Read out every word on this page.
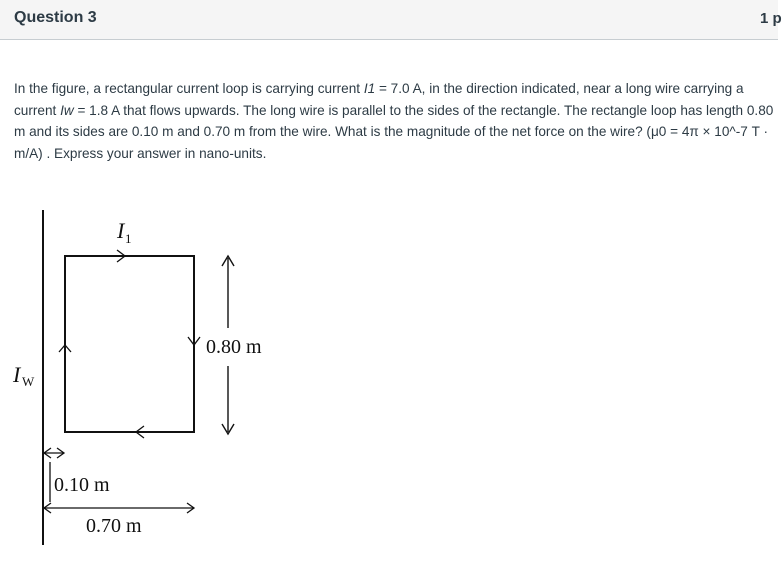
Question 3	1 p
In the figure, a rectangular current loop is carrying current I1 = 7.0 A, in the direction indicated, near a long wire carrying a current Iw = 1.8 A that flows upwards. The long wire is parallel to the sides of the rectangle. The rectangle loop has length 0.80 m and its sides are 0.10 m and 0.70 m from the wire. What is the magnitude of the net force on the wire? (μ0 = 4π × 10^-7 T · m/A) . Express your answer in nano-units.
I 1
I W
0.80 m
0.10 m
0.70 m
